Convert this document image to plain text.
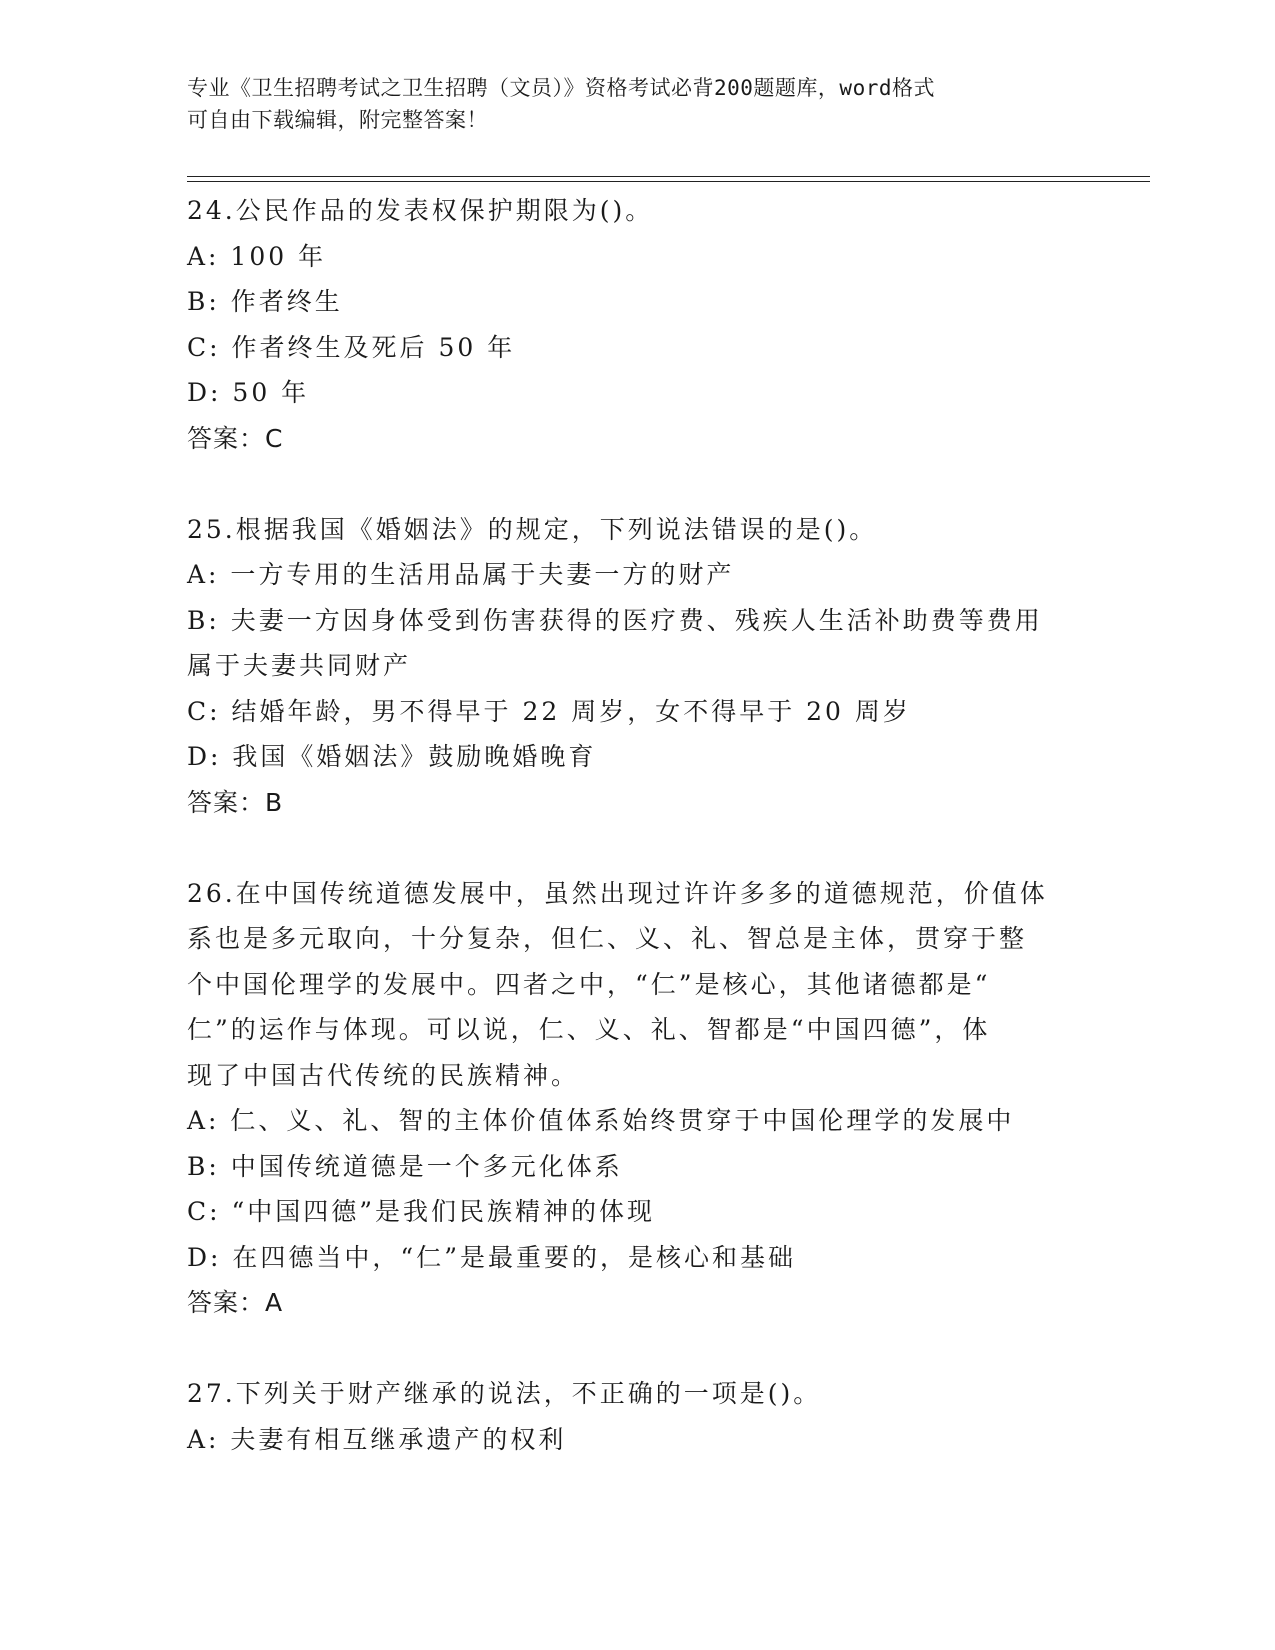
专业《卫生招聘考试之卫生招聘（文员）》资格考试必背200题题库，word格式
可自由下载编辑，附完整答案！
24.公民作品的发表权保护期限为()。
A: 100 年
B: 作者终生
C: 作者终生及死后 50 年
D: 50 年
答案：C
25.根据我国《婚姻法》的规定，下列说法错误的是()。
A: 一方专用的生活用品属于夫妻一方的财产
B: 夫妻一方因身体受到伤害获得的医疗费、残疾人生活补助费等费用
属于夫妻共同财产
C: 结婚年龄，男不得早于 22 周岁，女不得早于 20 周岁
D: 我国《婚姻法》鼓励晚婚晚育
答案：B
26.在中国传统道德发展中，虽然出现过许许多多的道德规范，价值体
系也是多元取向，十分复杂，但仁、义、礼、智总是主体，贯穿于整
个中国伦理学的发展中。四者之中，“仁”是核心，其他诸德都是“
仁”的运作与体现。可以说，仁、义、礼、智都是“中国四德”，体
现了中国古代传统的民族精神。
A: 仁、义、礼、智的主体价值体系始终贯穿于中国伦理学的发展中
B: 中国传统道德是一个多元化体系
C: “中国四德”是我们民族精神的体现
D: 在四德当中，“仁”是最重要的，是核心和基础
答案：A
27.下列关于财产继承的说法，不正确的一项是()。
A: 夫妻有相互继承遗产的权利
